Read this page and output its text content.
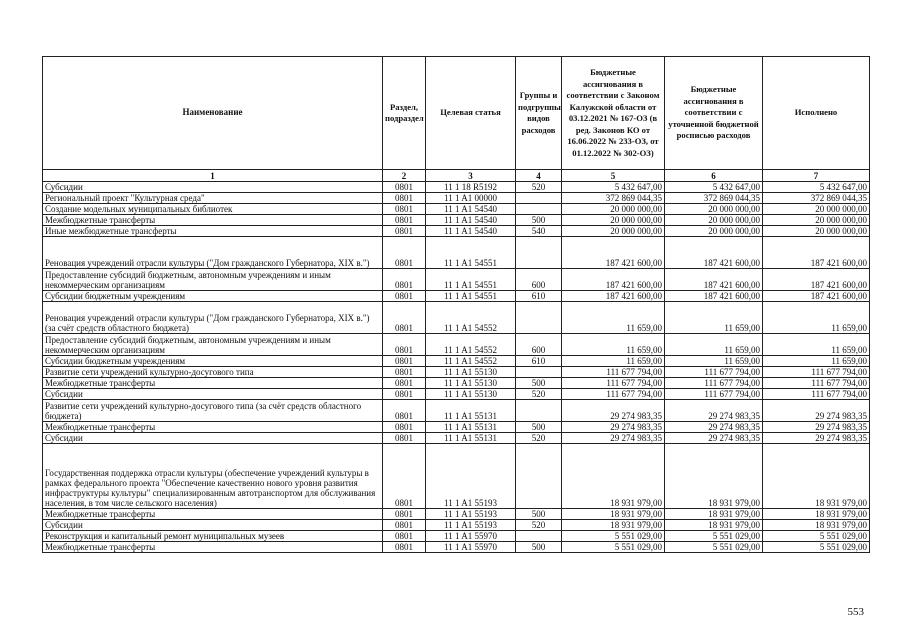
Наименование	Раздел, подраздел	Целевая статья	Группы и подгруппы видов расходов	Бюджетные ассигнования в соответствии с Законом Калужской области от 03.12.2021 № 167-ОЗ (в ред. Законов КО от 16.06.2022 № 233-ОЗ, от 01.12.2022 № 302-ОЗ)	Бюджетные ассигнования в соответствии с уточненной бюджетной росписью расходов	Исполнено
1	2	3	4	5	6	7
Субсидии	0801	11 1 18 R5192	520	5 432 647,00	5 432 647,00	5 432 647,00
Региональный проект "Культурная среда"	0801	11 1 A1 00000		372 869 044,35	372 869 044,35	372 869 044,35
Создание модельных муниципальных библиотек	0801	11 1 A1 54540		20 000 000,00	20 000 000,00	20 000 000,00
Межбюджетные трансферты	0801	11 1 A1 54540	500	20 000 000,00	20 000 000,00	20 000 000,00
Иные межбюджетные трансферты	0801	11 1 A1 54540	540	20 000 000,00	20 000 000,00	20 000 000,00
Реновация учреждений отрасли культуры ("Дом гражданского Губернатора, XIX в.")	0801	11 1 A1 54551		187 421 600,00	187 421 600,00	187 421 600,00
Предоставление субсидий бюджетным, автономным учреждениям и иным некоммерческим организациям	0801	11 1 A1 54551	600	187 421 600,00	187 421 600,00	187 421 600,00
Субсидии бюджетным учреждениям	0801	11 1 A1 54551	610	187 421 600,00	187 421 600,00	187 421 600,00
Реновация учреждений отрасли культуры ("Дом гражданского Губернатора, XIX в.") (за счёт средств областного бюджета)	0801	11 1 A1 54552		11 659,00	11 659,00	11 659,00
Предоставление субсидий бюджетным, автономным учреждениям и иным некоммерческим организациям	0801	11 1 A1 54552	600	11 659,00	11 659,00	11 659,00
Субсидии бюджетным учреждениям	0801	11 1 A1 54552	610	11 659,00	11 659,00	11 659,00
Развитие сети учреждений культурно-досугового типа	0801	11 1 A1 55130		111 677 794,00	111 677 794,00	111 677 794,00
Межбюджетные трансферты	0801	11 1 A1 55130	500	111 677 794,00	111 677 794,00	111 677 794,00
Субсидии	0801	11 1 A1 55130	520	111 677 794,00	111 677 794,00	111 677 794,00
Развитие сети учреждений культурно-досугового типа (за счёт средств областного бюджета)	0801	11 1 A1 55131		29 274 983,35	29 274 983,35	29 274 983,35
Межбюджетные трансферты	0801	11 1 A1 55131	500	29 274 983,35	29 274 983,35	29 274 983,35
Субсидии	0801	11 1 A1 55131	520	29 274 983,35	29 274 983,35	29 274 983,35
Государственная поддержка отрасли культуры (обеспечение учреждений культуры в рамках федерального проекта "Обеспечение качественно нового уровня развития инфраструктуры культуры" специализированным автотранспортом для обслуживания населения, в том числе сельского населения)	0801	11 1 A1 55193		18 931 979,00	18 931 979,00	18 931 979,00
Межбюджетные трансферты	0801	11 1 A1 55193	500	18 931 979,00	18 931 979,00	18 931 979,00
Субсидии	0801	11 1 A1 55193	520	18 931 979,00	18 931 979,00	18 931 979,00
Реконструкция и капитальный ремонт муниципальных музеев	0801	11 1 A1 55970		5 551 029,00	5 551 029,00	5 551 029,00
Межбюджетные трансферты	0801	11 1 A1 55970	500	5 551 029,00	5 551 029,00	5 551 029,00
553
